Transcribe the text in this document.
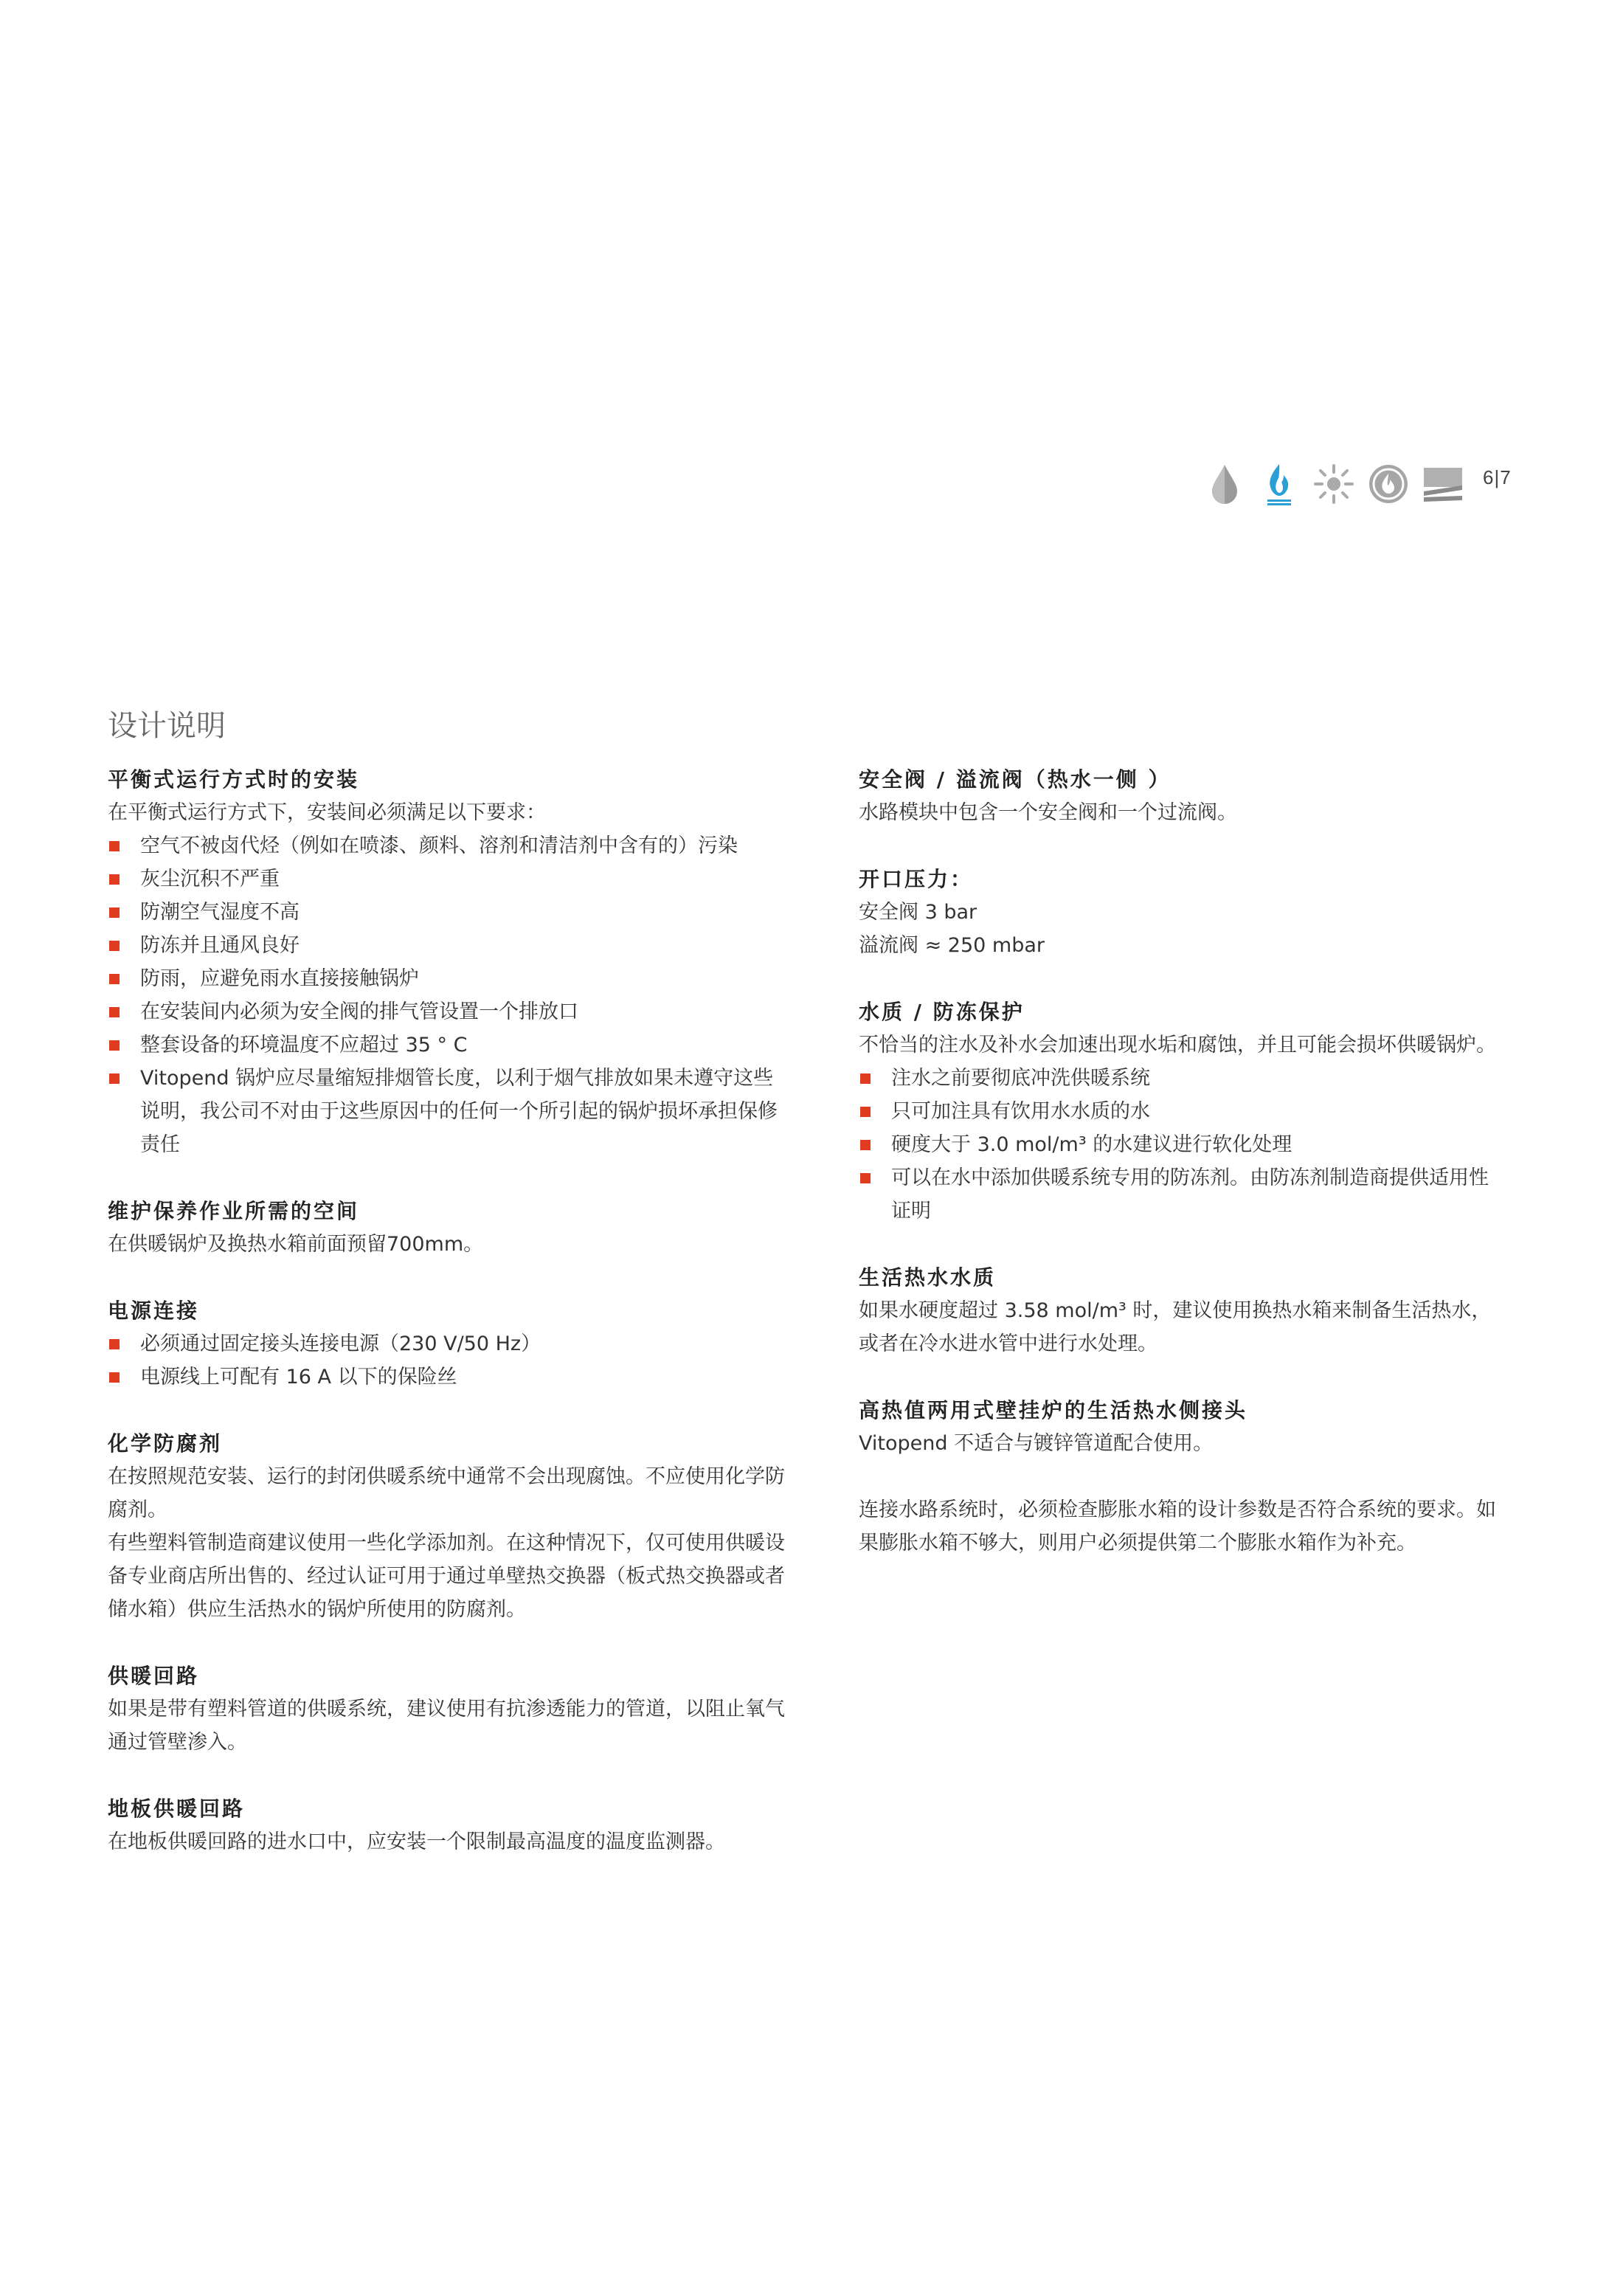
6|7
设计说明
平衡式运行方式时的安装

在平衡式运行方式下，安装间必须满足以下要求：

空气不被卤代烃（例如在喷漆、颜料、溶剂和清洁剂中含有的）污染
灰尘沉积不严重
防潮空气湿度不高
防冻并且通风良好
防雨，应避免雨水直接接触锅炉
在安装间内必须为安全阀的排气管设置一个排放口
整套设备的环境温度不应超过 35 ° C
Vitopend 锅炉应尽量缩短排烟管长度，以利于烟气排放如果未遵守这些说明，我公司不对由于这些原因中的任何一个所引起的锅炉损坏承担保修责任
维护保养作业所需的空间

在供暖锅炉及换热水箱前面预留700mm。

电源连接
必须通过固定接头连接电源（230 V/50 Hz）
电源线上可配有 16 A 以下的保险丝
化学防腐剂

在按照规范安装、运行的封闭供暖系统中通常不会出现腐蚀。不应使用化学防腐剂。

有些塑料管制造商建议使用一些化学添加剂。在这种情况下，仅可使用供暖设备专业商店所出售的、经过认证可用于通过单壁热交换器（板式热交换器或者储水箱）供应生活热水的锅炉所使用的防腐剂。

供暖回路

如果是带有塑料管道的供暖系统，建议使用有抗渗透能力的管道，以阻止氧气通过管壁渗入。

地板供暖回路

在地板供暖回路的进水口中，应安装一个限制最高温度的温度监测器。

安全阀 / 溢流阀（热水一侧 ）

水路模块中包含一个安全阀和一个过流阀。

开口压力：

安全阀 3 bar

溢流阀 ≈ 250 mbar

水质 / 防冻保护

不恰当的注水及补水会加速出现水垢和腐蚀，并且可能会损坏供暖锅炉。

注水之前要彻底冲洗供暖系统
只可加注具有饮用水水质的水
硬度大于 3.0 mol/m³ 的水建议进行软化处理
可以在水中添加供暖系统专用的防冻剂。由防冻剂制造商提供适用性证明
生活热水水质

如果水硬度超过 3.58 mol/m³ 时，建议使用换热水箱来制备生活热水，或者在冷水进水管中进行水处理。

高热值两用式壁挂炉的生活热水侧接头

Vitopend 不适合与镀锌管道配合使用。

连接水路系统时，必须检查膨胀水箱的设计参数是否符合系统的要求。如果膨胀水箱不够大，则用户必须提供第二个膨胀水箱作为补充。
